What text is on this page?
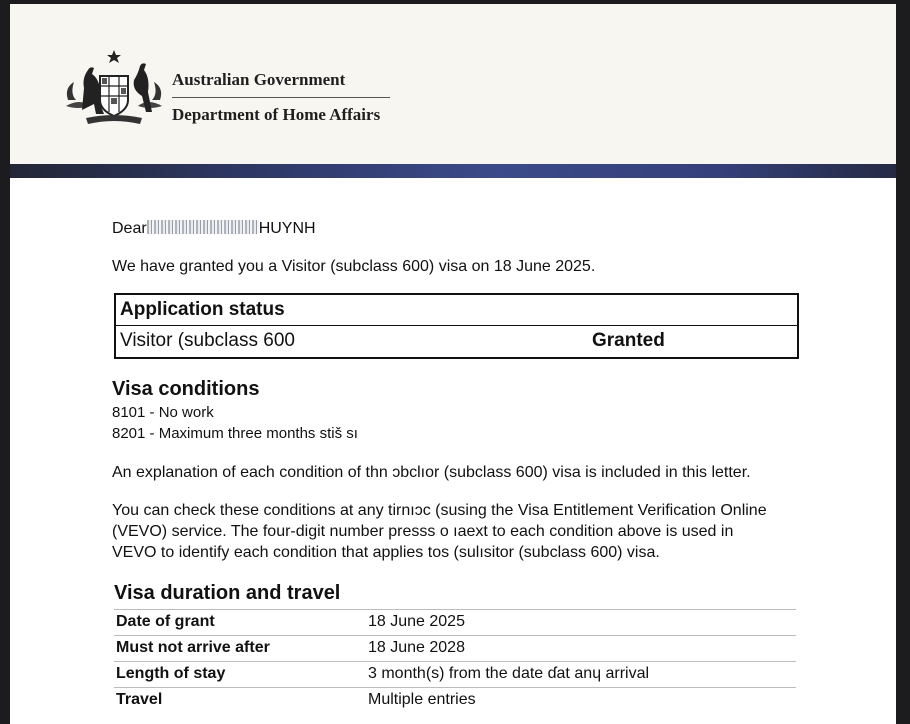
Australian Government
Department of Home Affairs
Dear	HUYNH
We have granted you a Visitor (subclass 600) visa on 18 June 2025.
Application status
Visitor (subclass 600	Granted
Visa conditions
8101 - No work
8201 - Maximum three months stiš sı
An explanation of each condition of thn ɔbclıor (subclass 600) visa is included in this letter.
You can check these conditions at any tirnıɔc (susing the Visa Entitlement Verification Online
(VEVO) service. The four-digit number presss o ıaext to each condition above is used in
VEVO to identify each condition that applies tos (sulısitor (subclass 600) visa.
Visa duration and travel
Date of grant	18 June 2025
Must not arrive after	18 June 2028
Length of stay	3 month(s) from the date ɗat anɥ arrival
Travel	Multiple entries
